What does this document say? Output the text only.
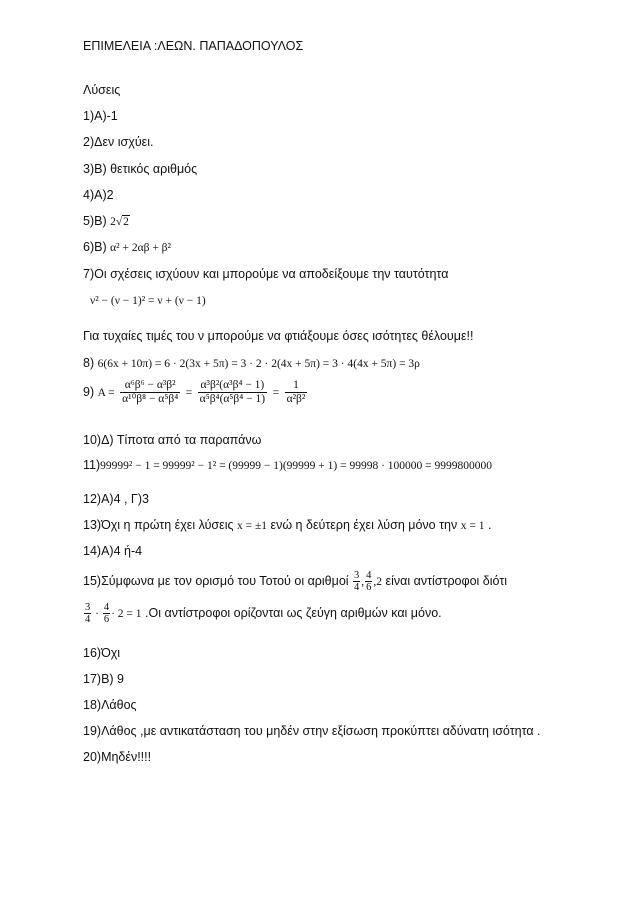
ΕΠΙΜΕΛΕΙΑ :ΛΕΩΝ. ΠΑΠΑΔΟΠΟΥΛΟΣ
Λύσεις
1)Α)-1
2)Δεν ισχύει.
3)Β) θετικός αριθμός
4)Α)2
5)Β) 2√2
6)Β) α² + 2αβ + β²
7)Οι σχέσεις ισχύουν και μπορούμε να αποδείξουμε την ταυτότητα
ν² − (ν − 1)² = ν + (ν − 1)
Για τυχαίες τιμές του ν μπορούμε να φτιάξουμε όσες ισότητες θέλουμε!!
8) 6(6x + 10π) = 6 · 2(3x + 5π) = 3 · 2 · 2(4x + 5π) = 3 · 4(4x + 5π) = 3ρ
9) $A = \frac{\text{α⁶β⁶ − α³β²}}{\text{α¹⁰β⁸ − α⁵β⁴}} = \frac{\text{α³β²(α³β⁴ − 1)}}{\text{α⁵β⁴(α⁵β⁴ − 1)}} = \frac{1}{\text{α²β²}}$
10)Δ) Τίποτα από τα παραπάνω
11)99999² − 1 = 99999² − 1² = (99999 − 1)(99999 + 1) = 99998 · 100000 = 9999800000
12)Α)4 , Γ)3
13)Όχι η πρώτη έχει λύσεις x = ±1 ενώ η δεύτερη έχει λύση μόνο την x = 1 .
14)Α)4 ή-4
15)Σύμφωνα με τον ορισμό του Τοτού οι αριθμοί $\frac{3}{4}$ , $\frac{4}{6} ,2$ είναι αντίστροφοι διότι
$\frac{3}{4} \cdot \frac{4}{6} \cdot 2 = 1$ .Οι αντίστροφοι ορίζονται ως ζεύγη αριθμών και μόνο.
16)Όχι
17)Β) 9
18)Λάθος
19)Λάθος ,με αντικατάσταση του μηδέν στην εξίσωση προκύπτει αδύνατη ισότητα .
20)Μηδέν!!!!
